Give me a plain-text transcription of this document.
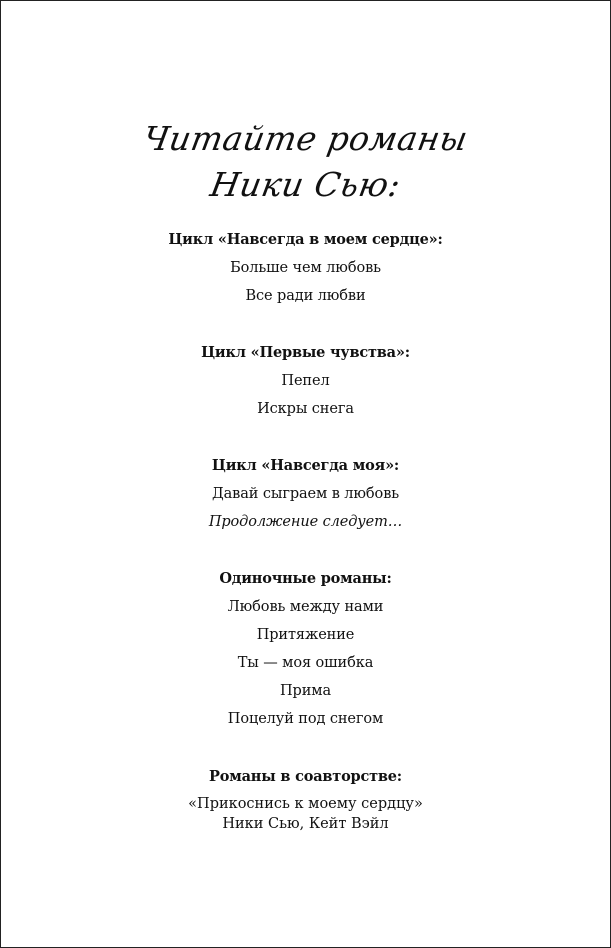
Читайте романы
Ники Сью:
Цикл «Навсегда в моем сердце»:
Больше чем любовь
Все ради любви
Цикл «Первые чувства»:
Пепел
Искры снега
Цикл «Навсегда моя»:
Давай сыграем в любовь
Продолжение следует…
Одиночные романы:
Любовь между нами
Притяжение
Ты — моя ошибка
Прима
Поцелуй под снегом
Романы в соавторстве:
«Прикоснись к моему сердцу»
Ники Сью, Кейт Вэйл
